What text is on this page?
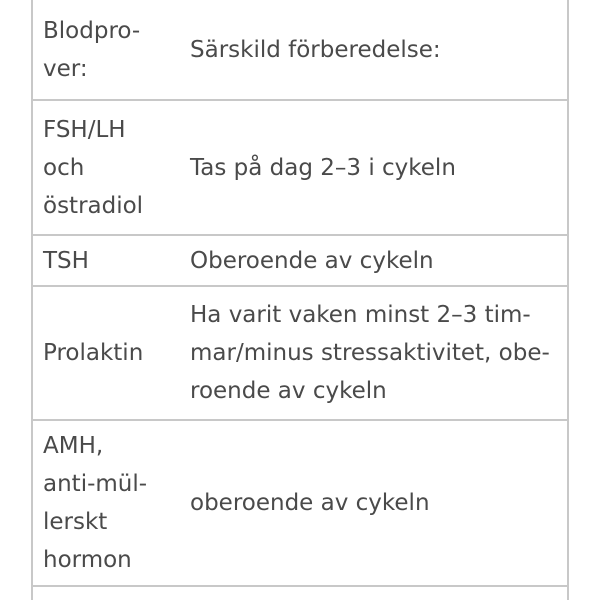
Blodpro-
ver:	Särskild förberedelse:

FSH/LH
och
östradiol	Tas på dag 2–3 i cykeln

TSH	Oberoende av cykeln

Prolaktin	Ha varit vaken minst 2–3 tim-
mar/minus stressaktivitet, obe-
roende av cykeln

AMH,
anti-mül-
lerskt
hormon	oberoende av cykeln
